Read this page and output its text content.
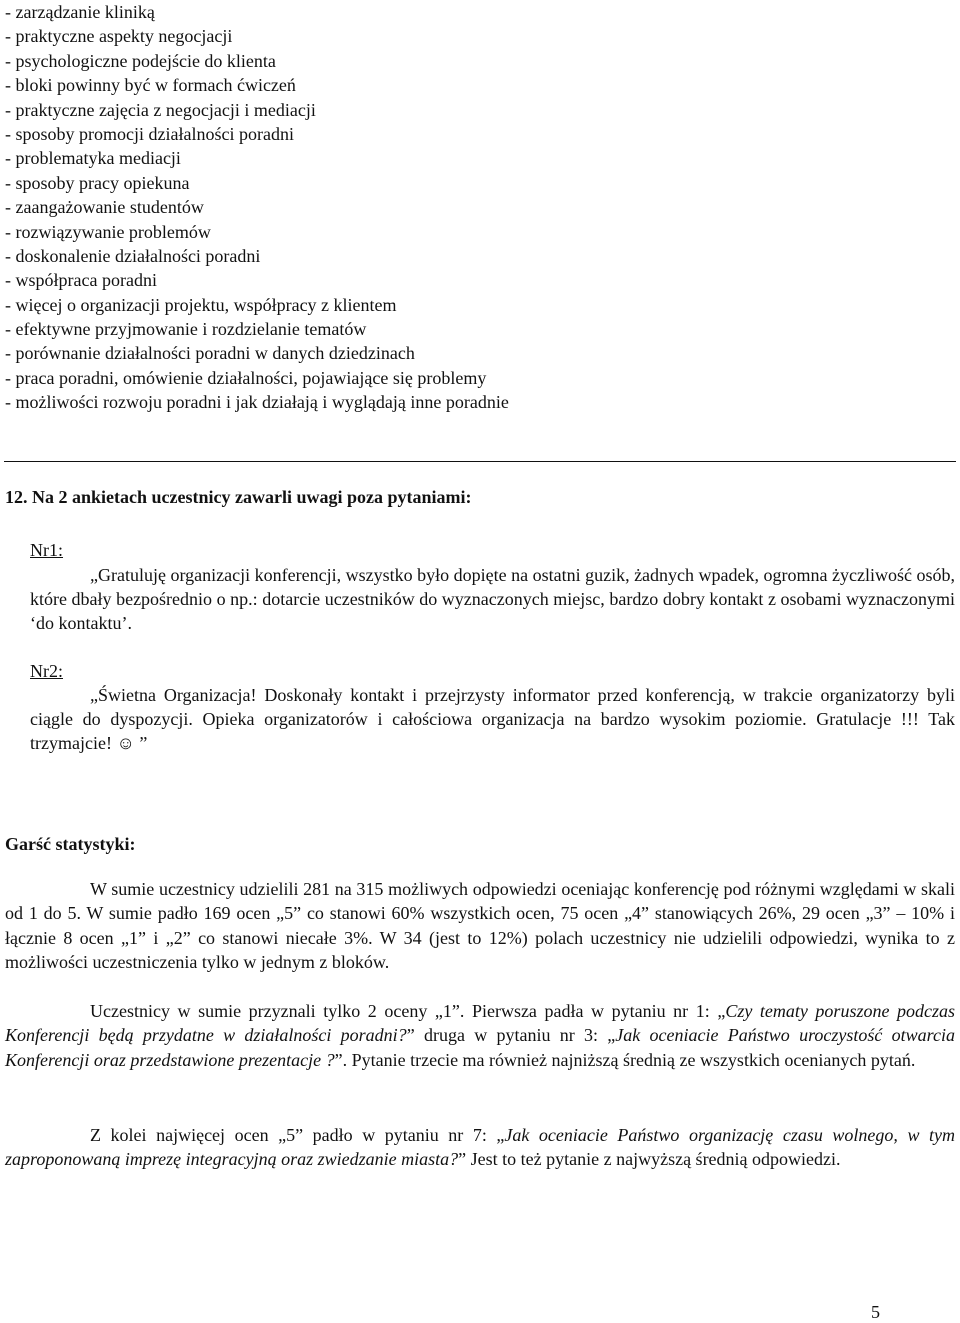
- zarządzanie kliniką
- praktyczne aspekty negocjacji
- psychologiczne podejście do klienta
- bloki powinny być w formach ćwiczeń
- praktyczne zajęcia z negocjacji i mediacji
- sposoby promocji działalności poradni
- problematyka mediacji
- sposoby pracy opiekuna
- zaangażowanie studentów
- rozwiązywanie problemów
- doskonalenie działalności poradni
- współpraca poradni
- więcej o organizacji projektu, współpracy z klientem
- efektywne przyjmowanie i rozdzielanie tematów
- porównanie działalności poradni w danych dziedzinach
- praca poradni, omówienie działalności, pojawiające się problemy
- możliwości rozwoju poradni i jak działają i wyglądają inne poradnie
12. Na 2 ankietach uczestnicy zawarli uwagi poza pytaniami:
Nr1:
„Gratuluję organizacji konferencji, wszystko było dopięte na ostatni guzik, żadnych wpadek, ogromna życzliwość osób, które dbały bezpośrednio o np.: dotarcie uczestników do wyznaczonych miejsc, bardzo dobry kontakt z osobami wyznaczonymi ‘do kontaktu’.
Nr2:
„Świetna Organizacja! Doskonały kontakt i przejrzysty informator przed konferencją, w trakcie organizatorzy byli ciągle do dyspozycji. Opieka organizatorów i całościowa organizacja na bardzo wysokim poziomie. Gratulacje !!! Tak trzymajcie! ☺ ”
Garść statystyki:
W sumie uczestnicy udzielili 281 na 315 możliwych odpowiedzi oceniając konferencję pod różnymi względami w skali od 1 do 5. W sumie padło 169 ocen „5” co stanowi 60% wszystkich ocen, 75 ocen „4” stanowiących 26%, 29 ocen „3” – 10% i łącznie 8 ocen „1” i „2” co stanowi niecałe 3%. W 34 (jest to 12%) polach uczestnicy nie udzielili odpowiedzi, wynika to z możliwości uczestniczenia tylko w jednym z bloków.
Uczestnicy w sumie przyznali tylko 2 oceny „1”. Pierwsza padła w pytaniu nr 1: „Czy tematy poruszone podczas Konferencji będą przydatne w działalności poradni?” druga w pytaniu nr 3: „Jak oceniacie Państwo uroczystość otwarcia Konferencji oraz przedstawione prezentacje ?”. Pytanie trzecie ma również najniższą średnią ze wszystkich ocenianych pytań.
Z kolei najwięcej ocen „5” padło w pytaniu nr 7: „Jak oceniacie Państwo organizację czasu wolnego, w tym zaproponowaną imprezę integracyjną oraz zwiedzanie miasta?” Jest to też pytanie z najwyższą średnią odpowiedzi.
5
